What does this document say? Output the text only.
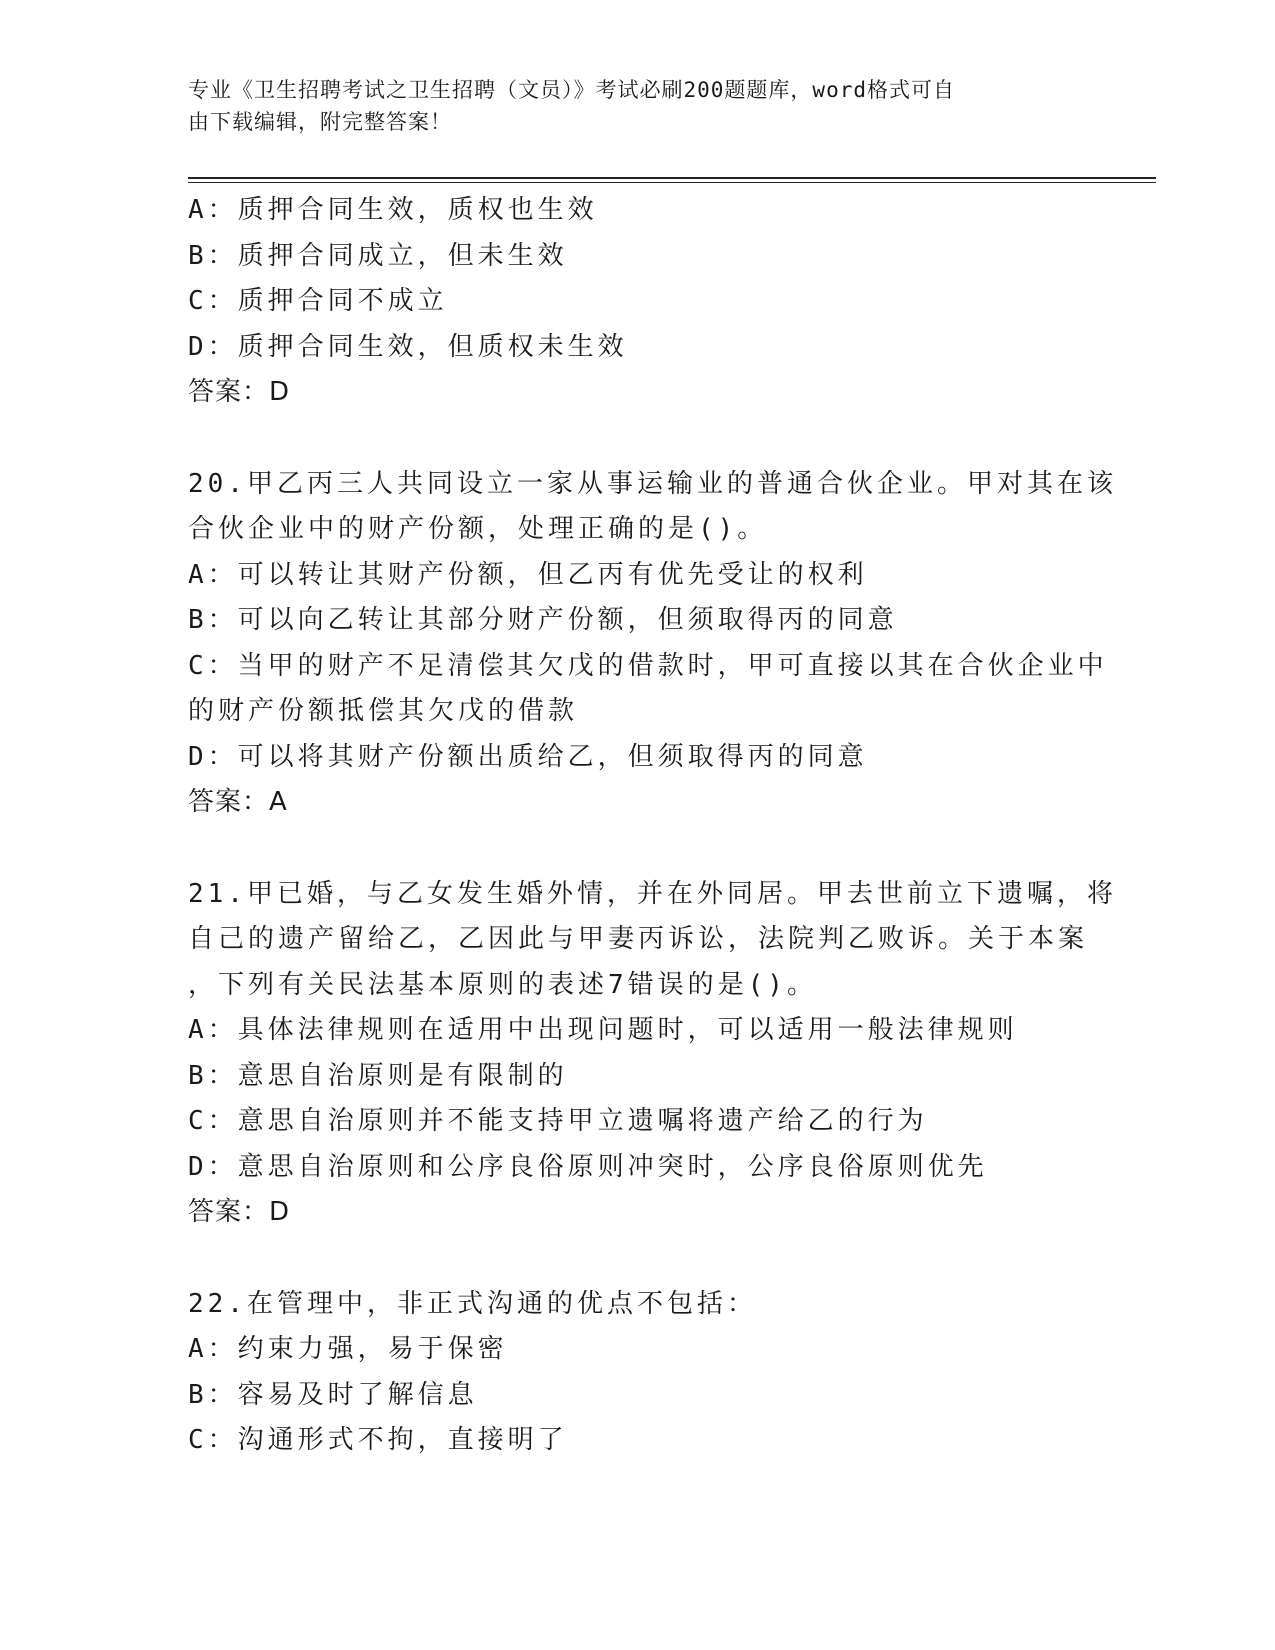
专业《卫生招聘考试之卫生招聘（文员）》考试必刷200题题库，word格式可自
由下载编辑，附完整答案！
A：质押合同生效，质权也生效
B：质押合同成立，但未生效
C：质押合同不成立
D：质押合同生效，但质权未生效
答案：D
20.甲乙丙三人共同设立一家从事运输业的普通合伙企业。甲对其在该
合伙企业中的财产份额，处理正确的是()。
A：可以转让其财产份额，但乙丙有优先受让的权利
B：可以向乙转让其部分财产份额，但须取得丙的同意
C：当甲的财产不足清偿其欠戊的借款时，甲可直接以其在合伙企业中
的财产份额抵偿其欠戊的借款
D：可以将其财产份额出质给乙，但须取得丙的同意
答案：A
21.甲已婚，与乙女发生婚外情，并在外同居。甲去世前立下遗嘱，将
自己的遗产留给乙，乙因此与甲妻丙诉讼，法院判乙败诉。关于本案
，下列有关民法基本原则的表述7错误的是()。
A：具体法律规则在适用中出现问题时，可以适用一般法律规则
B：意思自治原则是有限制的
C：意思自治原则并不能支持甲立遗嘱将遗产给乙的行为
D：意思自治原则和公序良俗原则冲突时，公序良俗原则优先
答案：D
22.在管理中，非正式沟通的优点不包括：
A：约束力强，易于保密
B：容易及时了解信息
C：沟通形式不拘，直接明了
